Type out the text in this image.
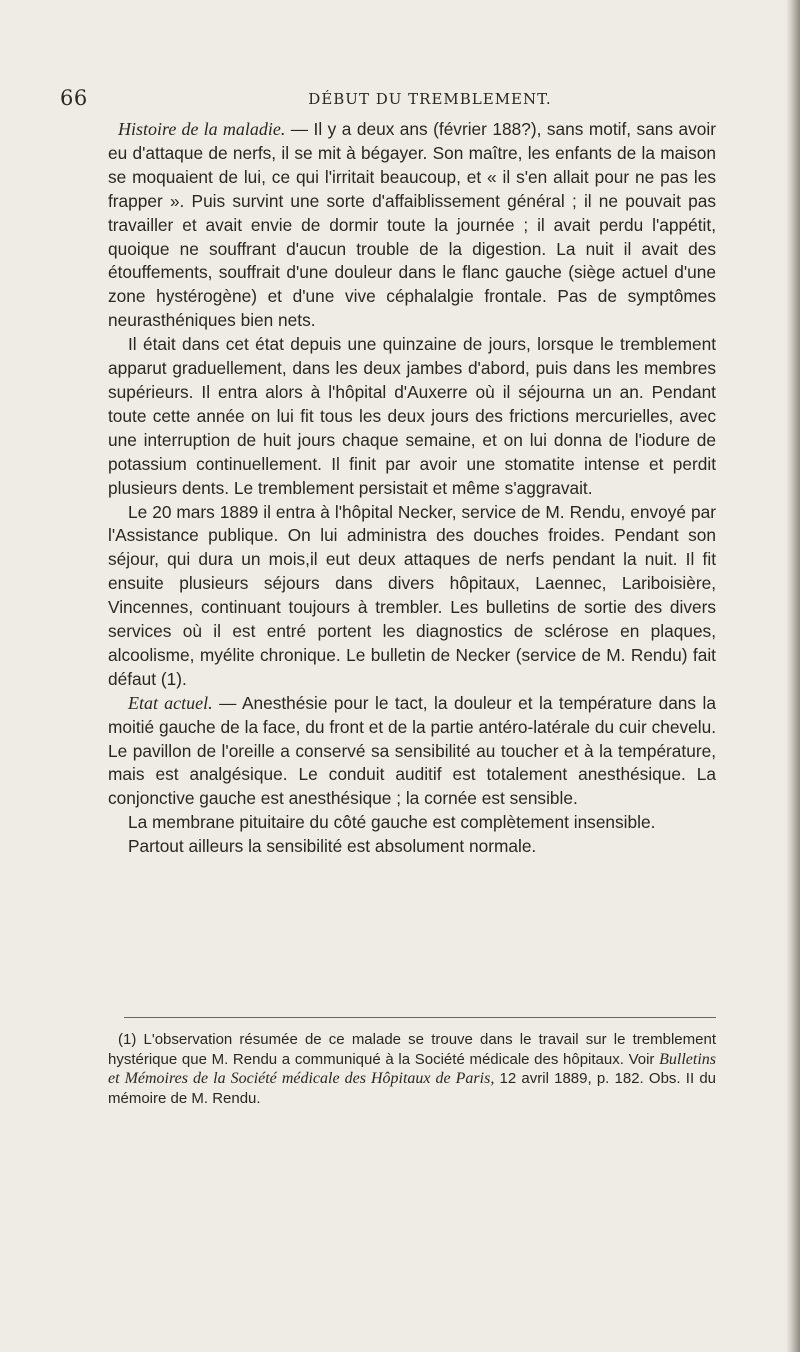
66	DÉBUT DU TREMBLEMENT.

Histoire de la maladie. — Il y a deux ans (février 188?), sans motif, sans avoir eu d'attaque de nerfs, il se mit à bégayer. Son maître, les enfants de la maison se moquaient de lui, ce qui l'irritait beaucoup, et « il s'en allait pour ne pas les frapper ». Puis survint une sorte d'affaiblissement général ; il ne pouvait pas travailler et avait envie de dormir toute la journée ; il avait perdu l'appétit, quoique ne souffrant d'aucun trouble de la digestion. La nuit il avait des étouffements, souffrait d'une douleur dans le flanc gauche (siège actuel d'une zone hystérogène) et d'une vive céphalalgie frontale. Pas de symptômes neurasthéniques bien nets.

Il était dans cet état depuis une quinzaine de jours, lorsque le tremblement apparut graduellement, dans les deux jambes d'abord, puis dans les membres supérieurs. Il entra alors à l'hôpital d'Auxerre où il séjourna un an. Pendant toute cette année on lui fit tous les deux jours des frictions mercurielles, avec une interruption de huit jours chaque semaine, et on lui donna de l'iodure de potassium continuellement. Il finit par avoir une stomatite intense et perdit plusieurs dents. Le tremblement persistait et même s'aggravait.

Le 20 mars 1889 il entra à l'hôpital Necker, service de M. Rendu, envoyé par l'Assistance publique. On lui administra des douches froides. Pendant son séjour, qui dura un mois,il eut deux attaques de nerfs pendant la nuit. Il fit ensuite plusieurs séjours dans divers hôpitaux, Laennec, Lariboisière, Vincennes, continuant toujours à trembler. Les bulletins de sortie des divers services où il est entré portent les diagnostics de sclérose en plaques, alcoolisme, myélite chronique. Le bulletin de Necker (service de M. Rendu) fait défaut (1).

Etat actuel. — Anesthésie pour le tact, la douleur et la température dans la moitié gauche de la face, du front et de la partie antéro-latérale du cuir chevelu. Le pavillon de l'oreille a conservé sa sensibilité au toucher et à la température, mais est analgésique. Le conduit auditif est totalement anesthésique. La conjonctive gauche est anesthésique ; la cornée est sensible.

La membrane pituitaire du côté gauche est complètement insensible.

Partout ailleurs la sensibilité est absolument normale.

(1) L'observation résumée de ce malade se trouve dans le travail sur le tremblement hystérique que M. Rendu a communiqué à la Société médicale des hôpitaux. Voir Bulletins et Mémoires de la Société médicale des Hôpitaux de Paris, 12 avril 1889, p. 182. Obs. II du mémoire de M. Rendu.
